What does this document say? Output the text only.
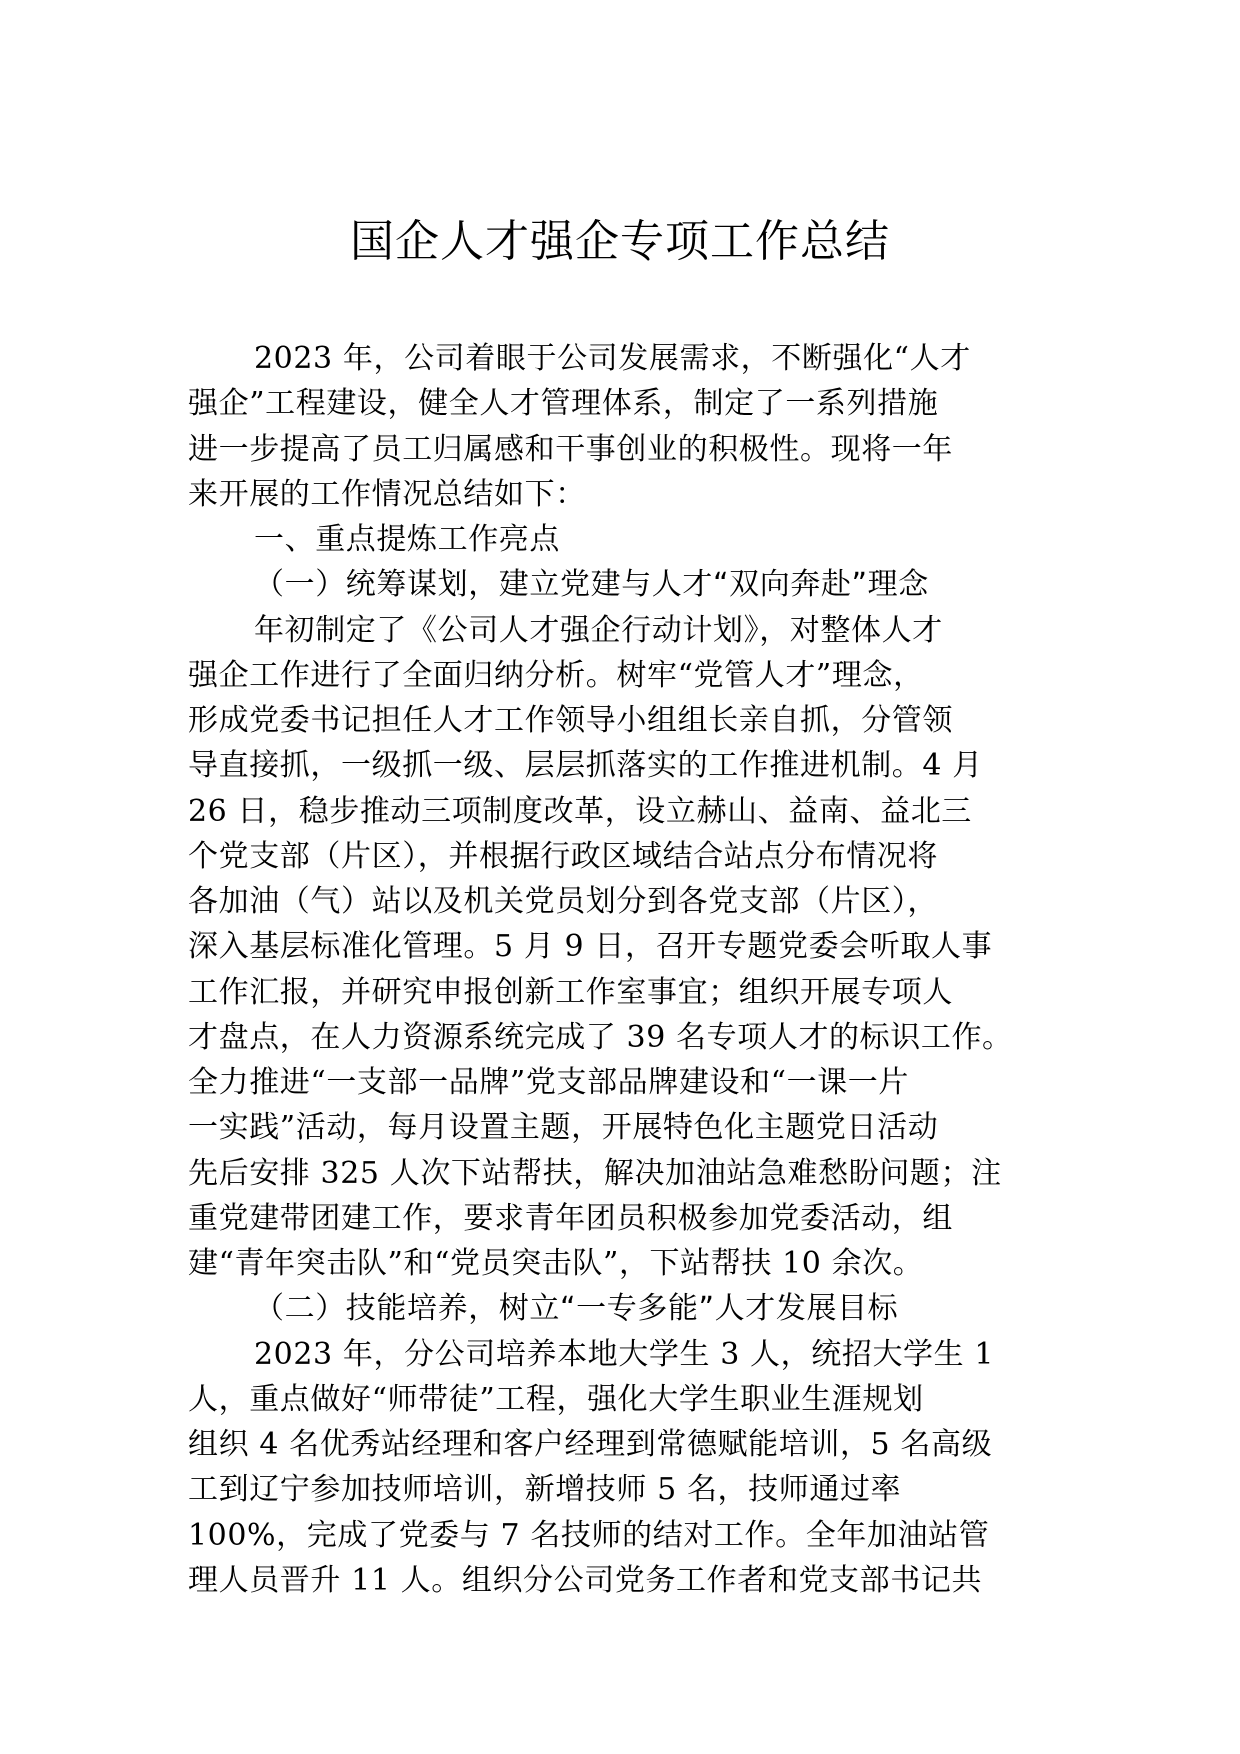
国企人才强企专项工作总结
2023 年，公司着眼于公司发展需求，不断强化“人才
强企”工程建设，健全人才管理体系，制定了一系列措施
进一步提高了员工归属感和干事创业的积极性。现将一年
来开展的工作情况总结如下：
一、重点提炼工作亮点
（一）统筹谋划，建立党建与人才“双向奔赴”理念
年初制定了《公司人才强企行动计划》，对整体人才
强企工作进行了全面归纳分析。树牢“党管人才”理念，
形成党委书记担任人才工作领导小组组长亲自抓，分管领
导直接抓，一级抓一级、层层抓落实的工作推进机制。4 月
26 日，稳步推动三项制度改革，设立赫山、益南、益北三
个党支部（片区），并根据行政区域结合站点分布情况将
各加油（气）站以及机关党员划分到各党支部（片区），
深入基层标准化管理。5 月 9 日，召开专题党委会听取人事
工作汇报，并研究申报创新工作室事宜；组织开展专项人
才盘点，在人力资源系统完成了 39 名专项人才的标识工作。
全力推进“一支部一品牌”党支部品牌建设和“一课一片
一实践”活动，每月设置主题，开展特色化主题党日活动
先后安排 325 人次下站帮扶，解决加油站急难愁盼问题；注
重党建带团建工作，要求青年团员积极参加党委活动，组
建“青年突击队”和“党员突击队”，下站帮扶 10 余次。
（二）技能培养，树立“一专多能”人才发展目标
2023 年，分公司培养本地大学生 3 人，统招大学生 1
人，重点做好“师带徒”工程，强化大学生职业生涯规划
组织 4 名优秀站经理和客户经理到常德赋能培训，5 名高级
工到辽宁参加技师培训，新增技师 5 名，技师通过率
100%，完成了党委与 7 名技师的结对工作。全年加油站管
理人员晋升 11 人。组织分公司党务工作者和党支部书记共
